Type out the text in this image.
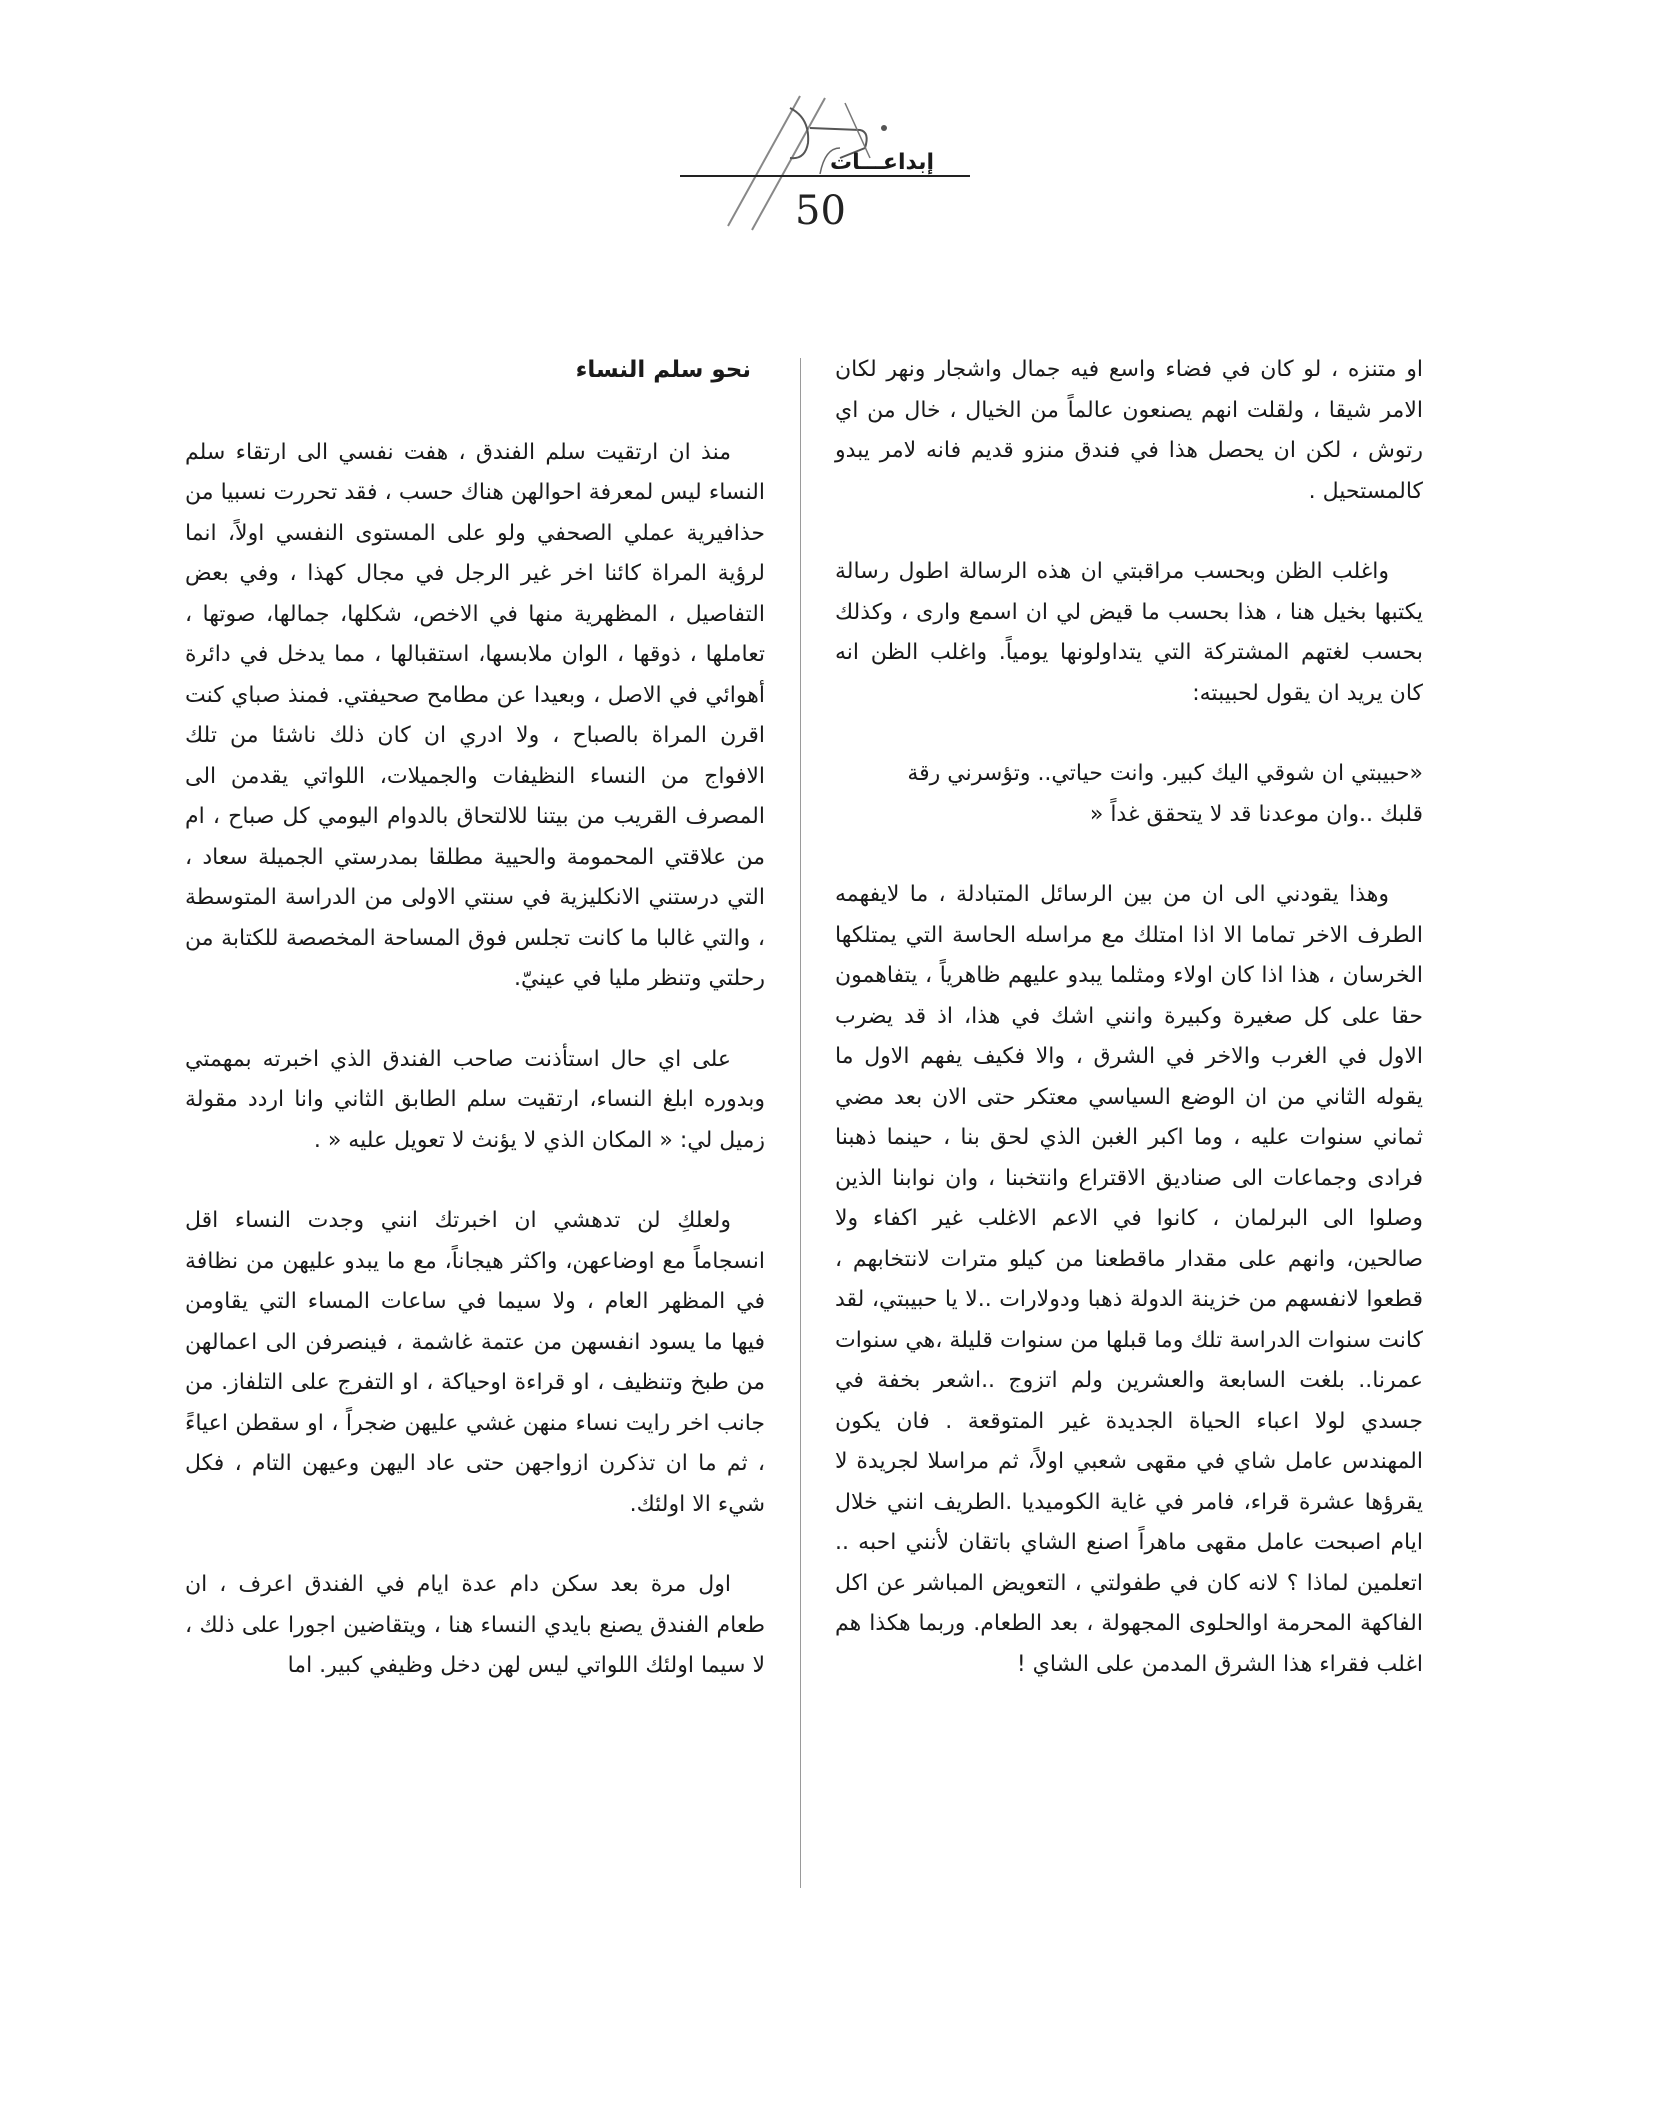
إبداعـــات
50

او متنزه ، لو كان في فضاء واسع فيه جمال واشجار ونهر لكان الامر شيقا ، ولقلت انهم يصنعون عالماً من الخيال ، خال من اي رتوش ، لكن ان يحصل هذا في فندق منزو قديم فانه لامر يبدو كالمستحيل .

واغلب الظن وبحسب مراقبتي ان هذه الرسالة اطول رسالة يكتبها بخيل هنا ، هذا بحسب ما قيض لي ان اسمع وارى ، وكذلك بحسب لغتهم المشتركة التي يتداولونها يومياً. واغلب الظن انه كان يريد ان يقول لحبيبته:

«حبيبتي ان شوقي اليك كبير. وانت حياتي.. وتؤسرني رقة
قلبك ..وان موعدنا قد لا يتحقق غداً «

وهذا يقودني الى ان من بين الرسائل المتبادلة ، ما لايفهمه الطرف الاخر تماما الا اذا امتلك مع مراسله الحاسة التي يمتلكها الخرسان ، هذا اذا كان اولاء ومثلما يبدو عليهم ظاهرياً ، يتفاهمون حقا على كل صغيرة وكبيرة وانني اشك في هذا، اذ قد يضرب الاول في الغرب والاخر في الشرق ، والا فكيف يفهم الاول ما يقوله الثاني من ان الوضع السياسي معتكر حتى الان بعد مضي ثماني سنوات عليه ، وما اكبر الغبن الذي لحق بنا ، حينما ذهبنا فرادى وجماعات الى صناديق الاقتراع وانتخبنا ، وان نوابنا الذين وصلوا الى البرلمان ، كانوا في الاعم الاغلب غير اكفاء ولا صالحين، وانهم على مقدار ماقطعنا من كيلو مترات لانتخابهم ، قطعوا لانفسهم من خزينة الدولة ذهبا ودولارات ..لا يا حبيبتي، لقد كانت سنوات الدراسة تلك وما قبلها من سنوات قليلة ،هي سنوات عمرنا.. بلغت السابعة والعشرين ولم اتزوج ..اشعر بخفة في جسدي لولا اعباء الحياة الجديدة غير المتوقعة . فان يكون المهندس عامل شاي في مقهى شعبي اولاً، ثم مراسلا لجريدة لا يقرؤها عشرة قراء، فامر في غاية الكوميديا .الطريف انني خلال ايام اصبحت عامل مقهى ماهراً اصنع الشاي باتقان لأنني احبه .. اتعلمين لماذا ؟ لانه كان في طفولتي ، التعويض المباشر عن اكل الفاكهة المحرمة اوالحلوى المجهولة ، بعد الطعام. وربما هكذا هم اغلب فقراء هذا الشرق المدمن على الشاي !

نحو سلم النساء

منذ ان ارتقيت سلم الفندق ، هفت نفسي الى ارتقاء سلم النساء ليس لمعرفة احوالهن هناك حسب ، فقد تحررت نسبيا من حذافيرية عملي الصحفي ولو على المستوى النفسي اولاً، انما لرؤية المراة كائنا اخر غير الرجل في مجال كهذا ، وفي بعض التفاصيل ، المظهرية منها في الاخص، شكلها، جمالها، صوتها ، تعاملها ، ذوقها ، الوان ملابسها، استقبالها ، مما يدخل في دائرة أهوائي في الاصل ، وبعيدا عن مطامح صحيفتي. فمنذ صباي كنت اقرن المراة بالصباح ، ولا ادري ان كان ذلك ناشئا من تلك الافواج من النساء النظيفات والجميلات، اللواتي يقدمن الى المصرف القريب من بيتنا للالتحاق بالدوام اليومي كل صباح ، ام من علاقتي المحمومة والحيية مطلقا بمدرستي الجميلة سعاد ، التي درستني الانكليزية في سنتي الاولى من الدراسة المتوسطة ، والتي غالبا ما كانت تجلس فوق المساحة المخصصة للكتابة من رحلتي وتنظر مليا في عينيّ.

على اي حال استأذنت صاحب الفندق الذي اخبرته بمهمتي وبدوره ابلغ النساء، ارتقيت سلم الطابق الثاني وانا اردد مقولة زميل لي: « المكان الذي لا يؤنث لا تعويل عليه « .

ولعلكِ لن تدهشي ان اخبرتك انني وجدت النساء اقل انسجاماً مع اوضاعهن، واكثر هيجاناً، مع ما يبدو عليهن من نظافة في المظهر العام ، ولا سيما في ساعات المساء التي يقاومن فيها ما يسود انفسهن من عتمة غاشمة ، فينصرفن الى اعمالهن من طبخ وتنظيف ، او قراءة اوحياكة ، او التفرج على التلفاز. من جانب اخر رايت نساء منهن غشي عليهن ضجراً ، او سقطن اعياءً ، ثم ما ان تذكرن ازواجهن حتى عاد اليهن وعيهن التام ، فكل شيء الا اولئك.

اول مرة بعد سكن دام عدة ايام في الفندق اعرف ، ان طعام الفندق يصنع بايدي النساء هنا ، ويتقاضين اجورا على ذلك ، لا سيما اولئك اللواتي ليس لهن دخل وظيفي كبير. اما
